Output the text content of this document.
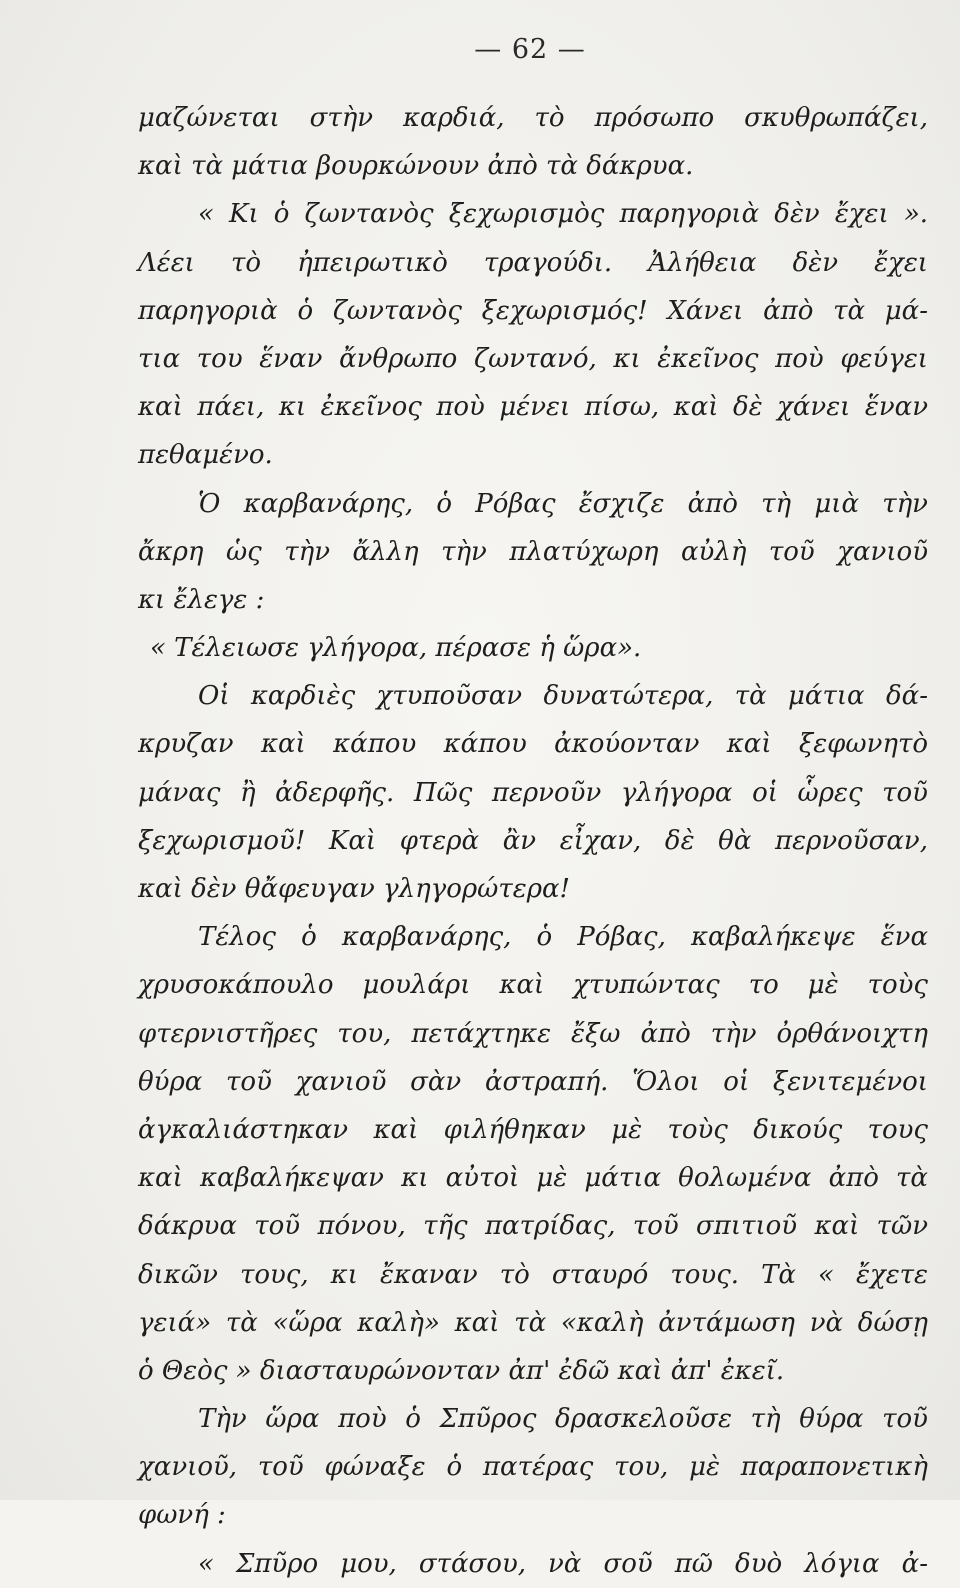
— 62 —
μαζώνεται στὴν καρδιά, τὸ πρόσωπο σκυθρωπάζει,
καὶ τὰ μάτια βουρκώνουν ἀπὸ τὰ δάκρυα.
« Κι ὁ ζωντανὸς ξεχωρισμὸς παρηγοριὰ δὲν ἔχει ».
Λέει τὸ ἠπειρωτικὸ τραγούδι. Ἀλήθεια δὲν ἔχει
παρηγοριὰ ὁ ζωντανὸς ξεχωρισμός! Χάνει ἀπὸ τὰ μά-
τια του ἕναν ἄνθρωπο ζωντανό, κι ἐκεῖνος ποὺ φεύγει
καὶ πάει, κι ἐκεῖνος ποὺ μένει πίσω, καὶ δὲ χάνει ἕναν
πεθαμένο.
Ὁ καρβανάρης, ὁ Ρόβας ἔσχιζε ἀπὸ τὴ μιὰ τὴν
ἄκρη ὡς τὴν ἄλλη τὴν πλατύχωρη αὐλὴ τοῦ χανιοῦ
κι ἔλεγε :
« Τέλειωσε γλήγορα, πέρασε ἡ ὥρα».
Οἱ καρδιὲς χτυποῦσαν δυνατώτερα, τὰ μάτια δά-
κρυζαν καὶ κάπου κάπου ἀκούονταν καὶ ξεφωνητὸ
μάνας ἢ ἀδερφῆς. Πῶς περνοῦν γλήγορα οἱ ὧρες τοῦ
ξεχωρισμοῦ! Καὶ φτερὰ ἂν εἶχαν, δὲ θὰ περνοῦσαν,
καὶ δὲν θἄφευγαν γληγορώτερα!
Τέλος ὁ καρβανάρης, ὁ Ρόβας, καβαλήκεψε ἕνα
χρυσοκάπουλο μουλάρι καὶ χτυπώντας το μὲ τοὺς
φτερνιστῆρες του, πετάχτηκε ἔξω ἀπὸ τὴν ὀρθάνοιχτη
θύρα τοῦ χανιοῦ σὰν ἀστραπή. Ὅλοι οἱ ξενιτεμένοι
ἀγκαλιάστηκαν καὶ φιλήθηκαν μὲ τοὺς δικούς τους
καὶ καβαλήκεψαν κι αὐτοὶ μὲ μάτια θολωμένα ἀπὸ τὰ
δάκρυα τοῦ πόνου, τῆς πατρίδας, τοῦ σπιτιοῦ καὶ τῶν
δικῶν τους, κι ἔκαναν τὸ σταυρό τους. Τὰ « ἔχετε
γειά» τὰ «ὥρα καλὴ» καὶ τὰ «καλὴ ἀντάμωση νὰ δώσῃ
ὁ Θεὸς » διασταυρώνονταν ἀπ' ἐδῶ καὶ ἀπ' ἐκεῖ.
Τὴν ὥρα ποὺ ὁ Σπῦρος δρασκελοῦσε τὴ θύρα τοῦ
χανιοῦ, τοῦ φώναξε ὁ πατέρας του, μὲ παραπονετικὴ
φωνή :
« Σπῦρο μου, στάσου, νὰ σοῦ πῶ δυὸ λόγια ἀ-
